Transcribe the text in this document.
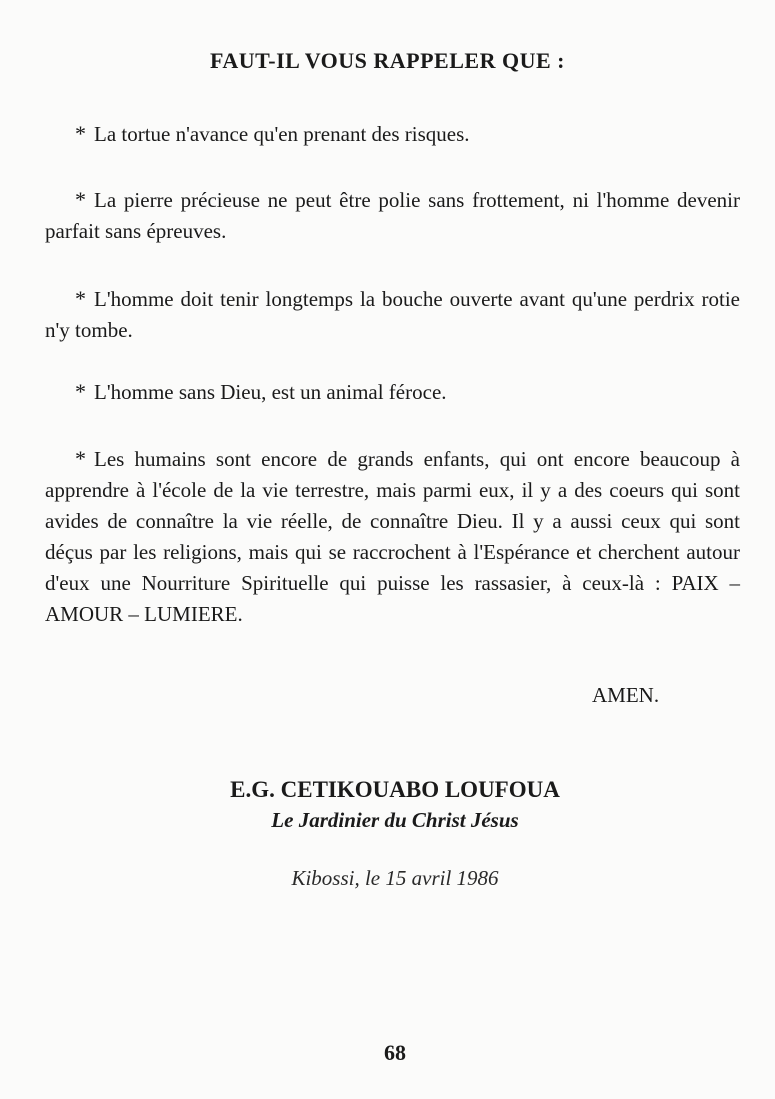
FAUT-IL VOUS RAPPELER QUE :

* La tortue n'avance qu'en prenant des risques.

* La pierre précieuse ne peut être polie sans frottement, ni l'homme devenir parfait sans épreuves.

* L'homme doit tenir longtemps la bouche ouverte avant qu'une perdrix rotie n'y tombe.

* L'homme sans Dieu, est un animal féroce.

* Les humains sont encore de grands enfants, qui ont encore beaucoup à apprendre à l'école de la vie terrestre, mais parmi eux, il y a des coeurs qui sont avides de connaître la vie réelle, de connaître Dieu. Il y a aussi ceux qui sont déçus par les religions, mais qui se raccrochent à l'Espérance et cherchent autour d'eux une Nourriture Spirituelle qui puisse les rassasier, à ceux-là : PAIX – AMOUR – LUMIERE.

AMEN.

E.G. CETIKOUABO LOUFOUA

Le Jardinier du Christ Jésus

Kibossi, le 15 avril 1986

68
